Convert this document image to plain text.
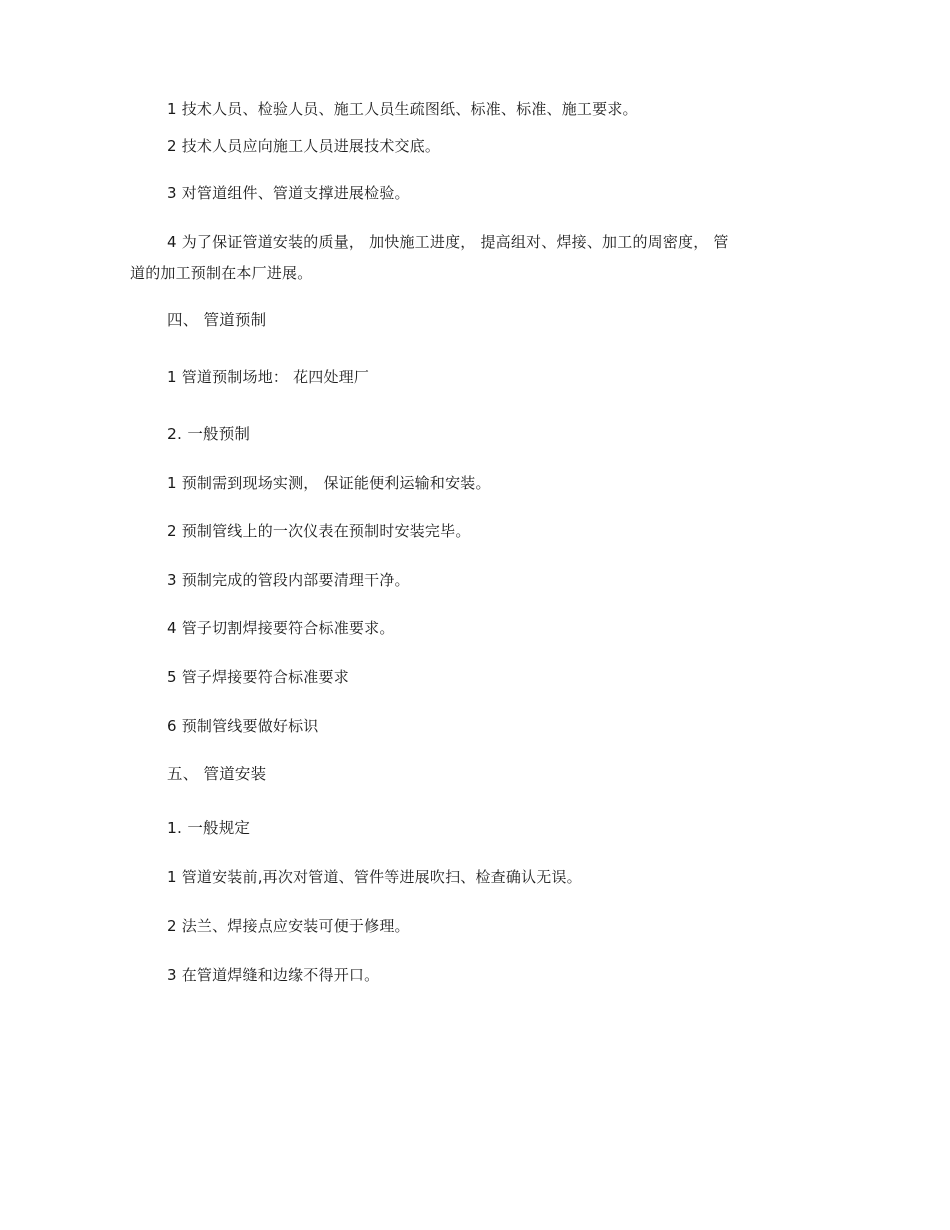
1 技术人员、检验人员、施工人员生疏图纸、标准、标准、施工要求。
2 技术人员应向施工人员进展技术交底。
3 对管道组件、管道支撑进展检验。
4 为了保证管道安装的质量， 加快施工进度， 提高组对、焊接、加工的周密度， 管
道的加工预制在本厂进展。
四、 管道预制
1 管道预制场地： 花四处理厂
2. 一般预制
1 预制需到现场实测， 保证能便利运输和安装。
2 预制管线上的一次仪表在预制时安装完毕。
3 预制完成的管段内部要清理干净。
4 管子切割焊接要符合标准要求。
5 管子焊接要符合标准要求
6 预制管线要做好标识
五、 管道安装
1. 一般规定
1 管道安装前,再次对管道、管件等进展吹扫、检查确认无误。
2 法兰、焊接点应安装可便于修理。
3 在管道焊缝和边缘不得开口。
